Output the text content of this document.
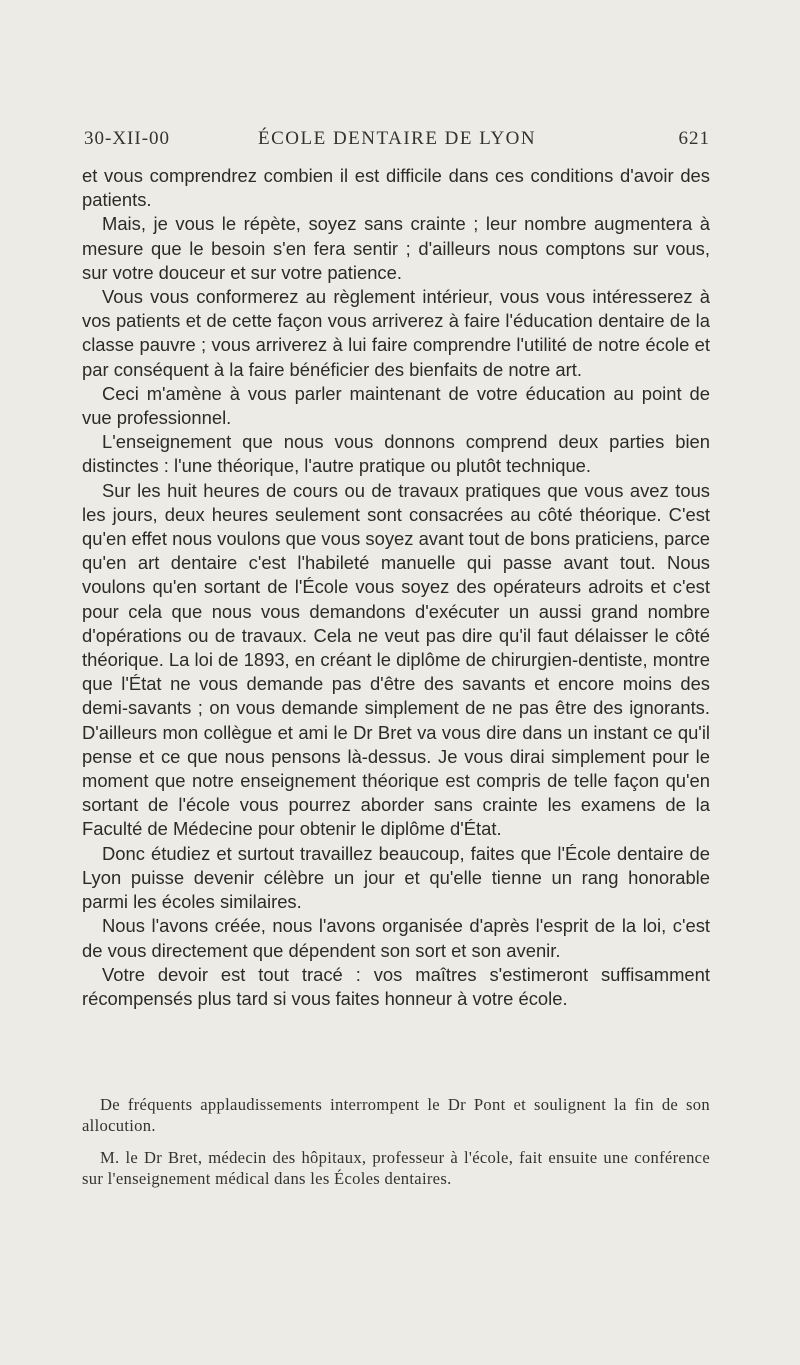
30-XII-00	ÉCOLE DENTAIRE DE LYON	621

et vous comprendrez combien il est difficile dans ces conditions d'avoir des patients.

Mais, je vous le répète, soyez sans crainte ; leur nombre augmentera à mesure que le besoin s'en fera sentir ; d'ailleurs nous comptons sur vous, sur votre douceur et sur votre patience.

Vous vous conformerez au règlement intérieur, vous vous intéresserez à vos patients et de cette façon vous arriverez à faire l'éducation dentaire de la classe pauvre ; vous arriverez à lui faire comprendre l'utilité de notre école et par conséquent à la faire bénéficier des bienfaits de notre art.

Ceci m'amène à vous parler maintenant de votre éducation au point de vue professionnel.

L'enseignement que nous vous donnons comprend deux parties bien distinctes : l'une théorique, l'autre pratique ou plutôt technique.

Sur les huit heures de cours ou de travaux pratiques que vous avez tous les jours, deux heures seulement sont consacrées au côté théorique. C'est qu'en effet nous voulons que vous soyez avant tout de bons praticiens, parce qu'en art dentaire c'est l'habileté manuelle qui passe avant tout. Nous voulons qu'en sortant de l'École vous soyez des opérateurs adroits et c'est pour cela que nous vous demandons d'exécuter un aussi grand nombre d'opérations ou de travaux. Cela ne veut pas dire qu'il faut délaisser le côté théorique. La loi de 1893, en créant le diplôme de chirurgien-dentiste, montre que l'État ne vous demande pas d'être des savants et encore moins des demi-savants ; on vous demande simplement de ne pas être des ignorants. D'ailleurs mon collègue et ami le Dr Bret va vous dire dans un instant ce qu'il pense et ce que nous pensons là-dessus. Je vous dirai simplement pour le moment que notre enseignement théorique est compris de telle façon qu'en sortant de l'école vous pourrez aborder sans crainte les examens de la Faculté de Médecine pour obtenir le diplôme d'État.

Donc étudiez et surtout travaillez beaucoup, faites que l'École dentaire de Lyon puisse devenir célèbre un jour et qu'elle tienne un rang honorable parmi les écoles similaires.

Nous l'avons créée, nous l'avons organisée d'après l'esprit de la loi, c'est de vous directement que dépendent son sort et son avenir.

Votre devoir est tout tracé : vos maîtres s'estimeront suffisamment récompensés plus tard si vous faites honneur à votre école.

De fréquents applaudissements interrompent le Dr Pont et soulignent la fin de son allocution.

M. le Dr Bret, médecin des hôpitaux, professeur à l'école, fait ensuite une conférence sur l'enseignement médical dans les Écoles dentaires.
